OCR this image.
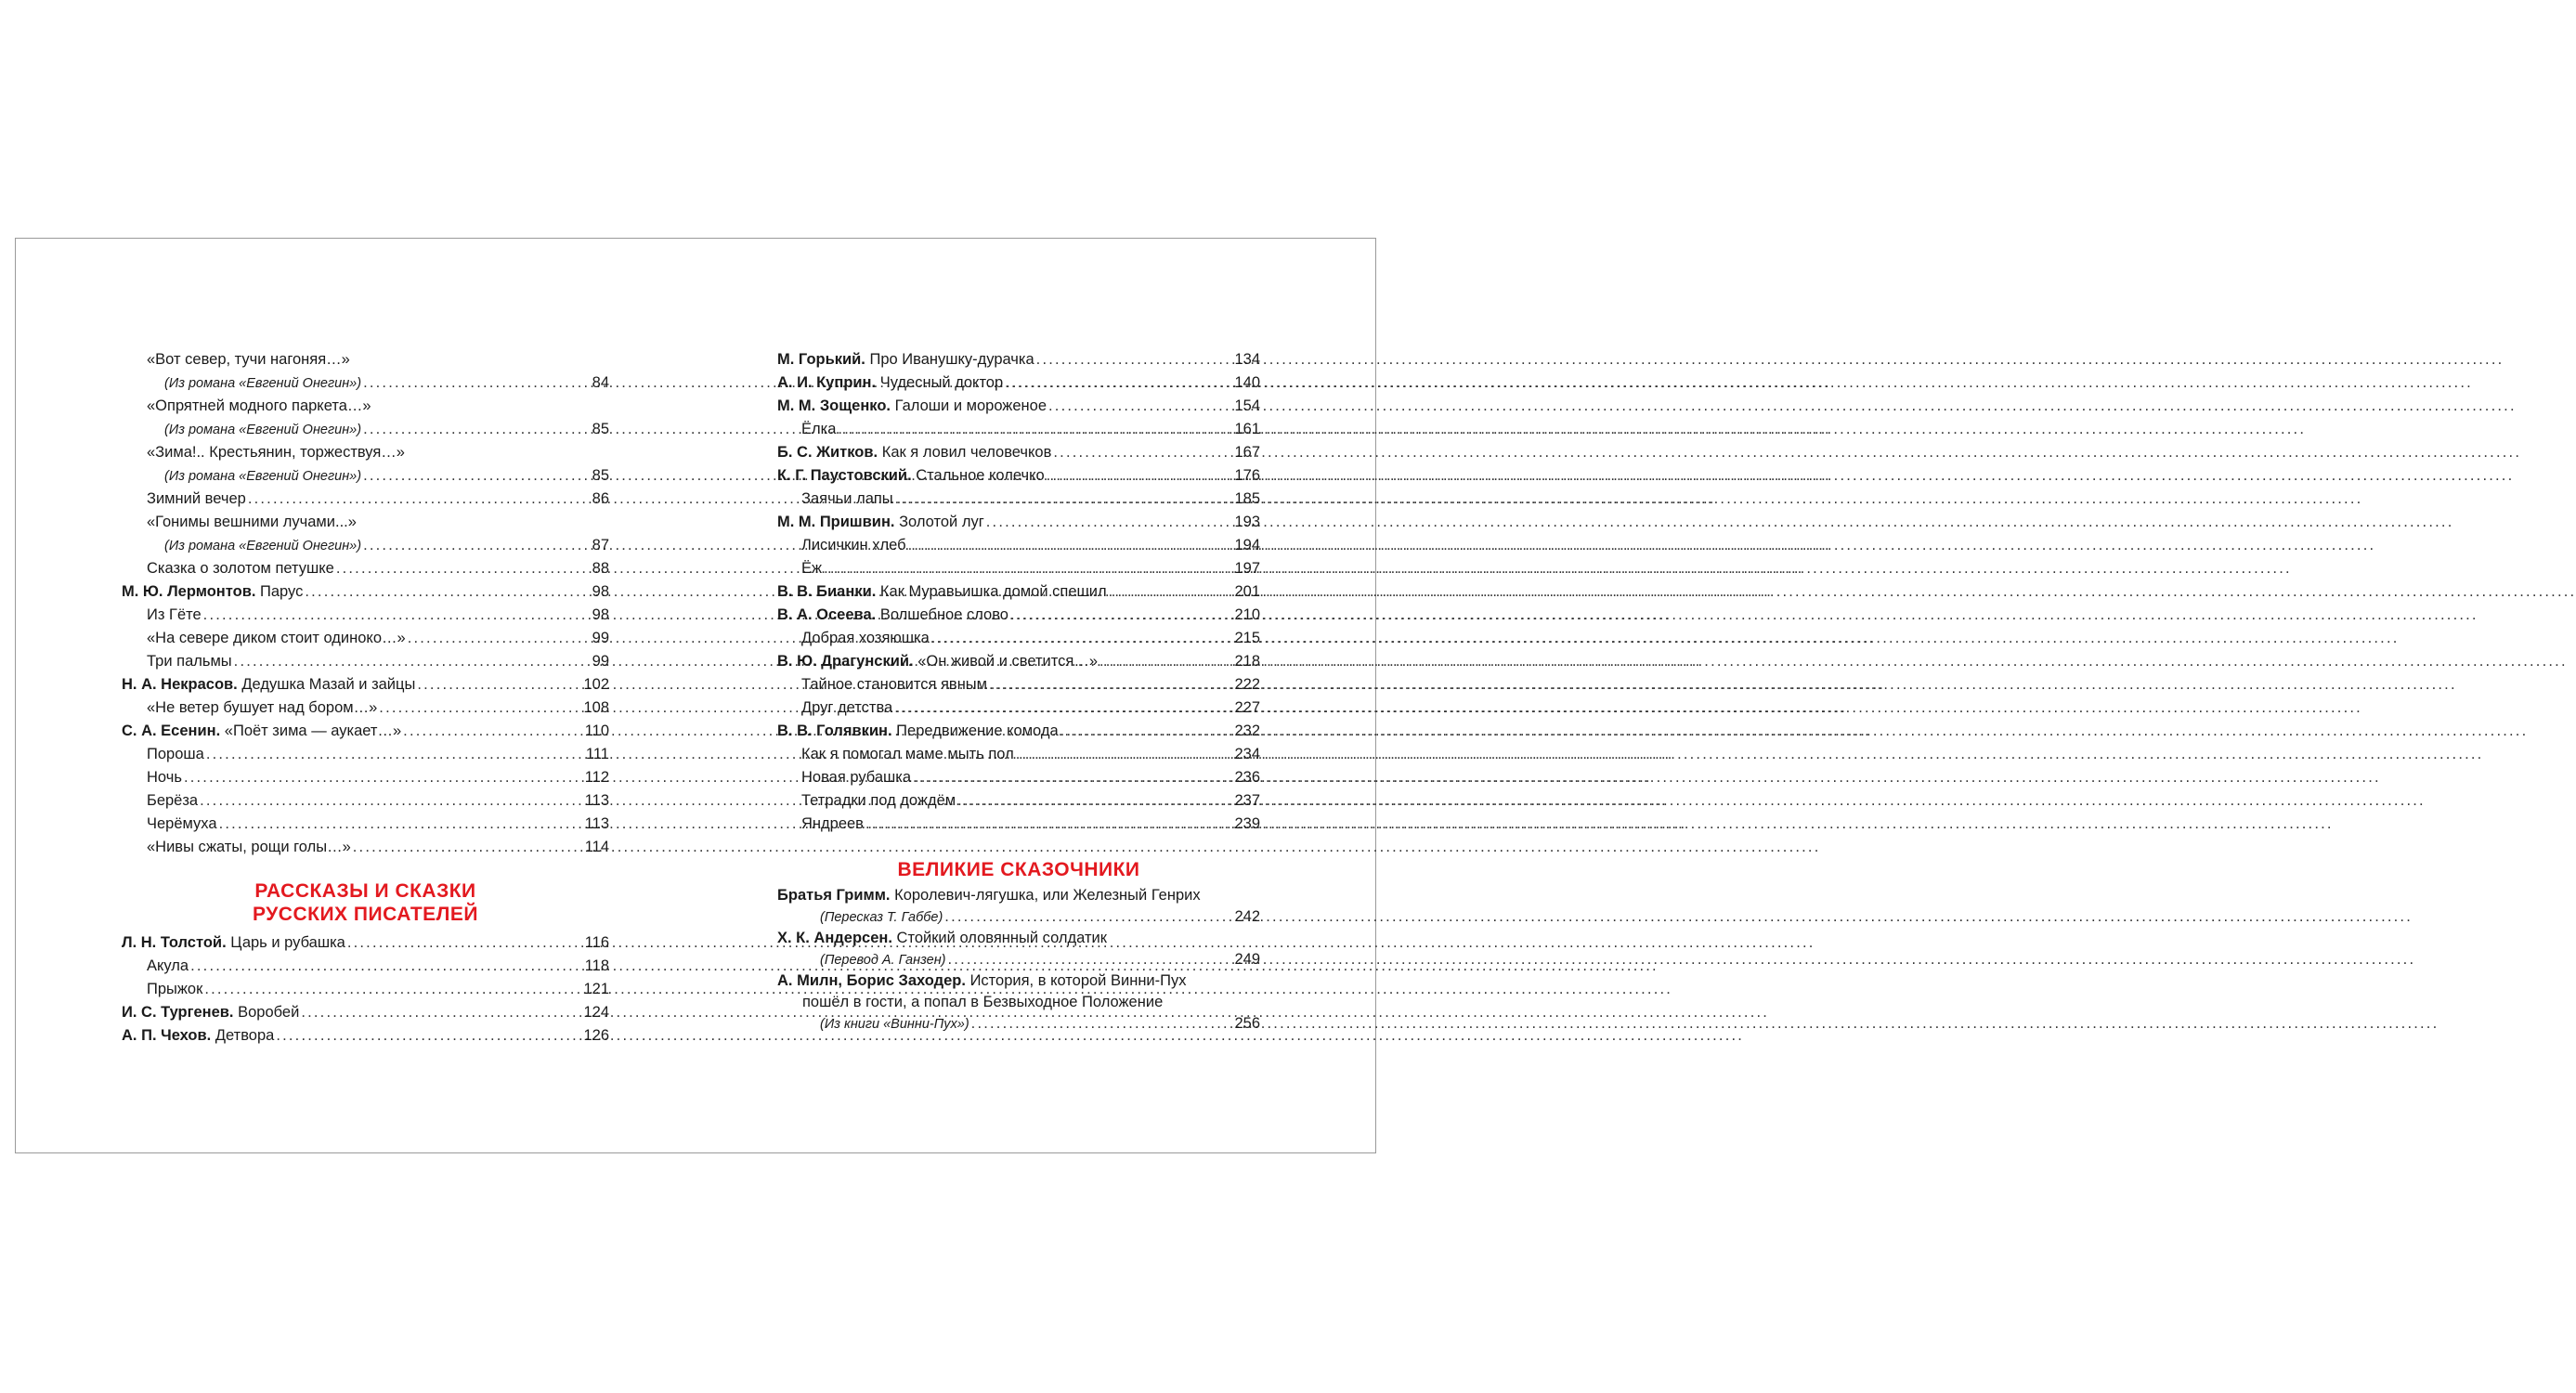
«Вот север, тучи нагоняя…»
(Из романа «Евгений Онегин») .....	84
«Опрятней модного паркета…»
(Из романа «Евгений Онегин») .....	85
«Зима!.. Крестьянин, торжествуя…»
(Из романа «Евгений Онегин») .....	85
Зимний вечер .....	86
«Гонимы вешними лучами...»
(Из романа «Евгений Онегин») .....	87
Сказка о золотом петушке .....	88
М. Ю. Лермонтов. Парус .....	98
Из Гёте .....	98
«На севере диком стоит одиноко…» .....	99
Три пальмы .....	99
Н. А. Некрасов. Дедушка Мазай и зайцы .....	102
«Не ветер бушует над бором…» .....	108
С. А. Есенин. «Поёт зима — аукает…» .....	110
Пороша .....	111
Ночь .....	112
Берёза .....	113
Черёмуха .....	113
«Нивы сжаты, рощи голы…» .....	114
РАССКАЗЫ И СКАЗКИ
РУССКИХ ПИСАТЕЛЕЙ
Л. Н. Толстой. Царь и рубашка .....	116
Акула .....	118
Прыжок .....	121
И. С. Тургенев. Воробей .....	124
А. П. Чехов. Детвора .....	126
М. Горький. Про Иванушку-дурачка .....	134
А. И. Куприн. Чудесный доктор .....	140
М. М. Зощенко. Галоши и мороженое .....	154
Ёлка .....	161
Б. С. Житков. Как я ловил человечков .....	167
К. Г. Паустовский. Стальное колечко .....	176
Заячьи лапы .....	185
М. М. Пришвин. Золотой луг .....	193
Лисичкин хлеб .....	194
Ёж .....	197
В. В. Бианки. Как Муравьишка домой спешил .....	201
В. А. Осеева. Волшебное слово .....	210
Добрая хозяюшка .....	215
В. Ю. Драгунский. «Он живой и светится…» .....	218
Тайное становится явным .....	222
Друг детства .....	227
В. В. Голявкин. Передвижение комода .....	232
Как я помогал маме мыть пол .....	234
Новая рубашка .....	236
Тетрадки под дождём .....	237
Яндреев .....	239
ВЕЛИКИЕ СКАЗОЧНИКИ
Братья Гримм. Королевич-лягушка, или Железный Генрих
(Пересказ Т. Габбе) .....	242
Х. К. Андерсен. Стойкий оловянный солдатик
(Перевод А. Ганзен) .....	249
А. Милн, Борис Заходер. История, в которой Винни-Пух
пошёл в гости, а попал в Безвыходное Положение
(Из книги «Винни-Пух») .....	256
